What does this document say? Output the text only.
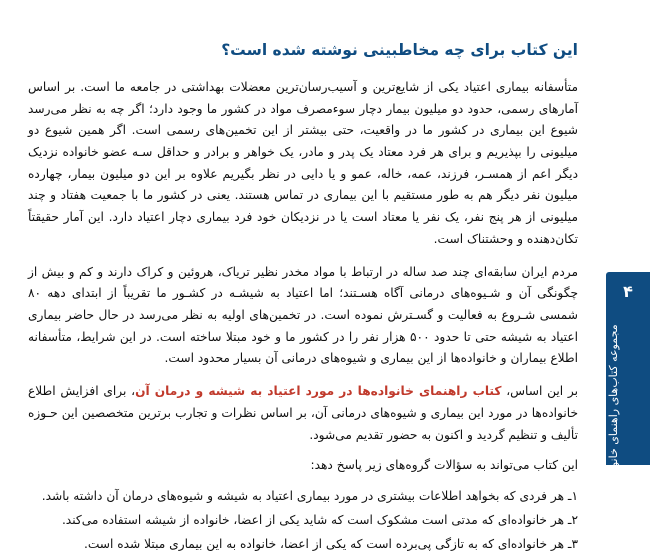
۴
مجموعه کتاب‌های راهنمای خانواده‌ها
این کتاب برای چه مخاطبینی نوشته شده است؟

متأسفانه بیماری اعتیاد یکی از شایع‌ترین و آسیب‌رسان‌ترین معضلات بهداشتی در جامعه ما است. بر اساس آمارهای رسمی، حدود دو میلیون بیمار دچار سوءمصرف مواد در کشور ما وجود دارد؛ اگر چه به نظر می‌رسد شیوع این بیماری در کشور ما در واقعیت، حتی بیشتر از این تخمین‌های رسمی است. اگر همین شیوع دو میلیونی را بپذیریم و برای هر فرد معتاد یک پدر و مادر، یک خواهر و برادر و حداقل سـه عضو خانواده نزدیک دیگر اعم از همسـر، فرزند، عمه، خاله، عمو و یا دایی در نظر بگیریم علاوه بر این دو میلیون بیمار، چهارده میلیون نفر دیگر هم به طور مستقیم با این بیماری در تماس هستند. یعنی در کشور ما با جمعیت هفتاد و چند میلیونی از هر پنج نفر، یک نفر یا معتاد است یا در نزدیکان خود فرد بیماری دچار اعتیاد دارد. این آمار حقیقتاً تکان‌دهنده و وحشتناک است.

مردم ایران سابقه‌ای چند صد ساله در ارتباط با مواد مخدر نظیر تریاک، هروئین و کراک دارند و کم و بیش از چگونگی آن و شـیوه‌های درمانی آگاه هسـتند؛ اما اعتیاد به شیشـه در کشـور ما تقریباً از ابتدای دهه ۸۰ شمسی شـروع به فعالیت و گسـترش نموده است. در تخمین‌های اولیه به نظر می‌رسد در حال حاضر بیماری اعتیاد به شیشه حتی تا حدود ۵۰۰ هزار نفر را در کشور ما و خود مبتلا ساخته است. در این شرایط، متأسفانه اطلاع بیماران و خانواده‌ها از این بیماری و شیوه‌های درمانی آن بسیار محدود است.

بر این اساس، کتاب راهنمای خانواده‌ها در مورد اعتیاد به شیشه و درمان آن، برای افزایش اطلاع خانواده‌ها در مورد این بیماری و شیوه‌های درمانی آن، بر اساس نظرات و تجارب برترین متخصصین این حـوزه تألیف و تنظیم گردید و اکنون به حضور تقدیم می‌شود.

این کتاب می‌تواند به سؤالات گروه‌های زیر پاسخ دهد:

۱ـ هر فردی که بخواهد اطلاعات بیشتری در مورد بیماری اعتیاد به شیشه و شیوه‌های درمان آن داشته باشد.
۲ـ هر خانواده‌ای که مدتی است مشکوک است که شاید یکی از اعضا، خانواده از شیشه استفاده می‌کند.
۳ـ هر خانواده‌ای که به تازگی پی‌برده است که یکی از اعضا، خانواده به این بیماری مبتلا شده است.
